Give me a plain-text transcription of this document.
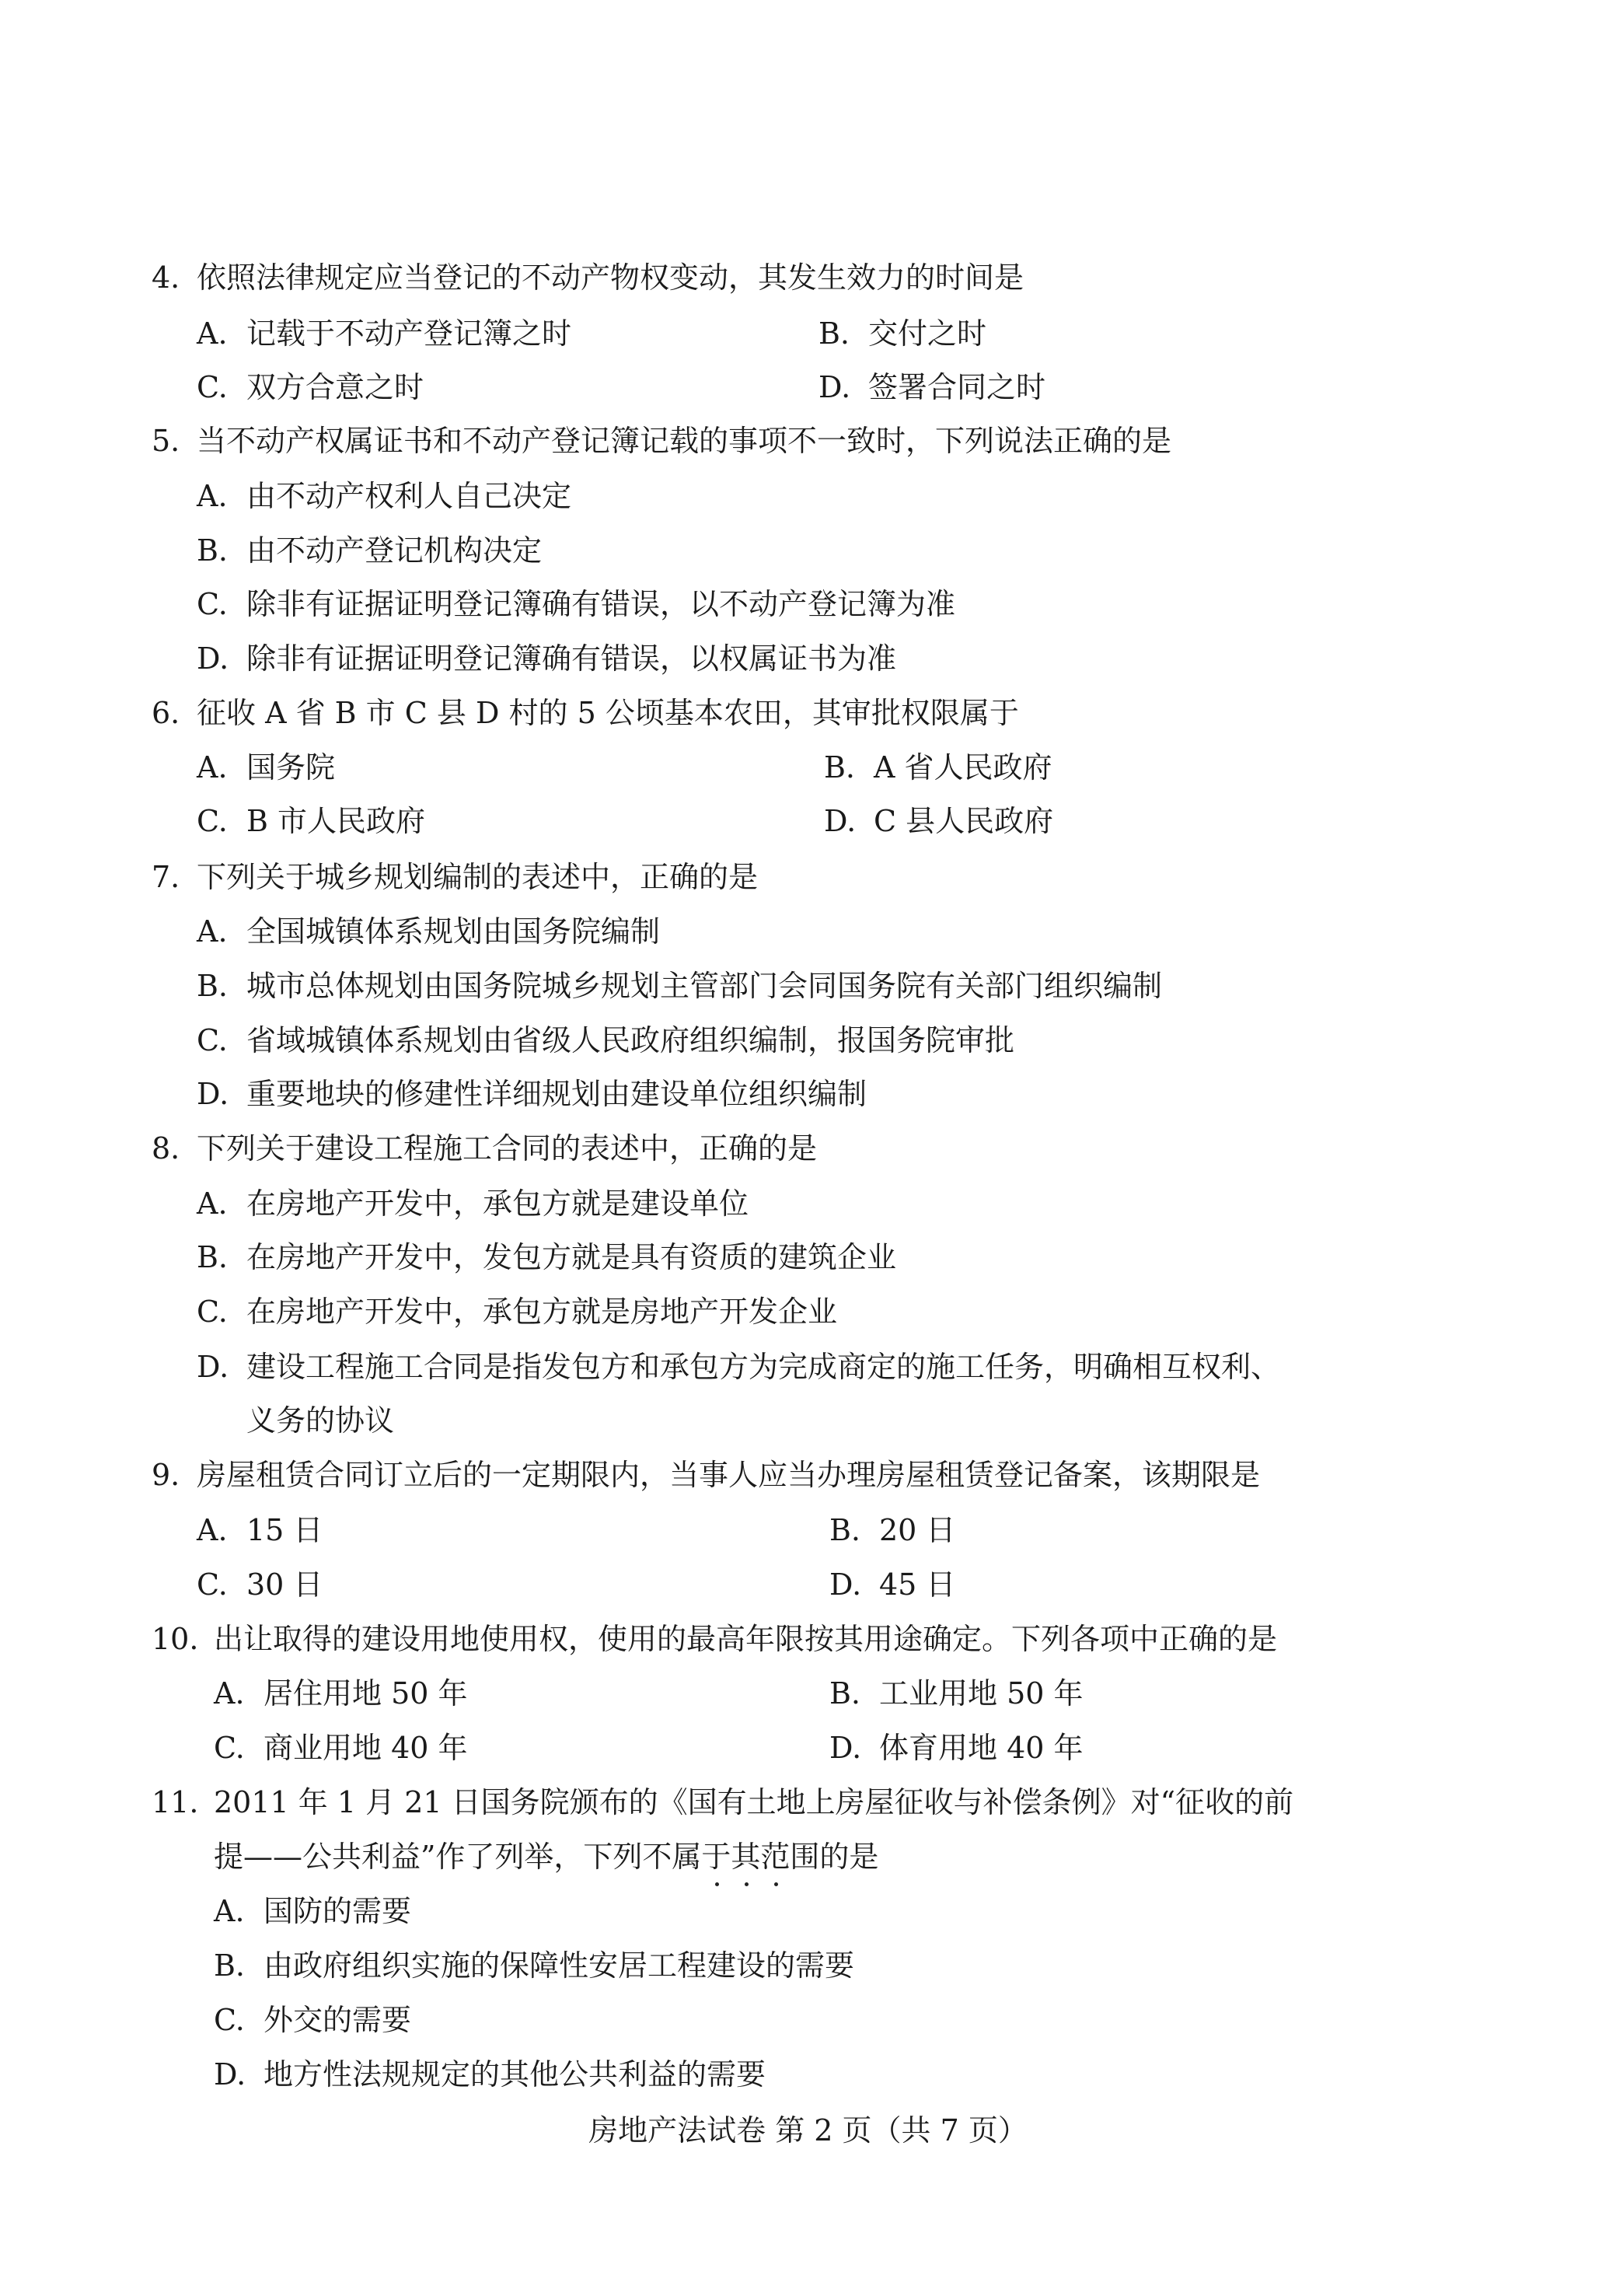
4. 依照法律规定应当登记的不动产物权变动，其发生效力的时间是
A. 记载于不动产登记簿之时	B. 交付之时
C. 双方合意之时	D. 签署合同之时
5. 当不动产权属证书和不动产登记簿记载的事项不一致时，下列说法正确的是
A. 由不动产权利人自己决定
B. 由不动产登记机构决定
C. 除非有证据证明登记簿确有错误，以不动产登记簿为准
D. 除非有证据证明登记簿确有错误，以权属证书为准
6. 征收 A 省 B 市 C 县 D 村的 5 公顷基本农田，其审批权限属于
A. 国务院	B. A 省人民政府
C. B 市人民政府	D. C 县人民政府
7. 下列关于城乡规划编制的表述中，正确的是
A. 全国城镇体系规划由国务院编制
B. 城市总体规划由国务院城乡规划主管部门会同国务院有关部门组织编制
C. 省域城镇体系规划由省级人民政府组织编制，报国务院审批
D. 重要地块的修建性详细规划由建设单位组织编制
8. 下列关于建设工程施工合同的表述中，正确的是
A. 在房地产开发中，承包方就是建设单位
B. 在房地产开发中，发包方就是具有资质的建筑企业
C. 在房地产开发中，承包方就是房地产开发企业
D. 建设工程施工合同是指发包方和承包方为完成商定的施工任务，明确相互权利、
义务的协议
9. 房屋租赁合同订立后的一定期限内，当事人应当办理房屋租赁登记备案，该期限是
A. 15 日	B. 20 日
C. 30 日	D. 45 日
10. 出让取得的建设用地使用权，使用的最高年限按其用途确定。下列各项中正确的是
A. 居住用地 50 年	B. 工业用地 50 年
C. 商业用地 40 年	D. 体育用地 40 年
11. 2011 年 1 月 21 日国务院颁布的《国有土地上房屋征收与补偿条例》对“征收的前
提——公共利益”作了列举，下列不属于其范围的是
A. 国防的需要
B. 由政府组织实施的保障性安居工程建设的需要
C. 外交的需要
D. 地方性法规规定的其他公共利益的需要
房地产法试卷 第 2 页（共 7 页）
